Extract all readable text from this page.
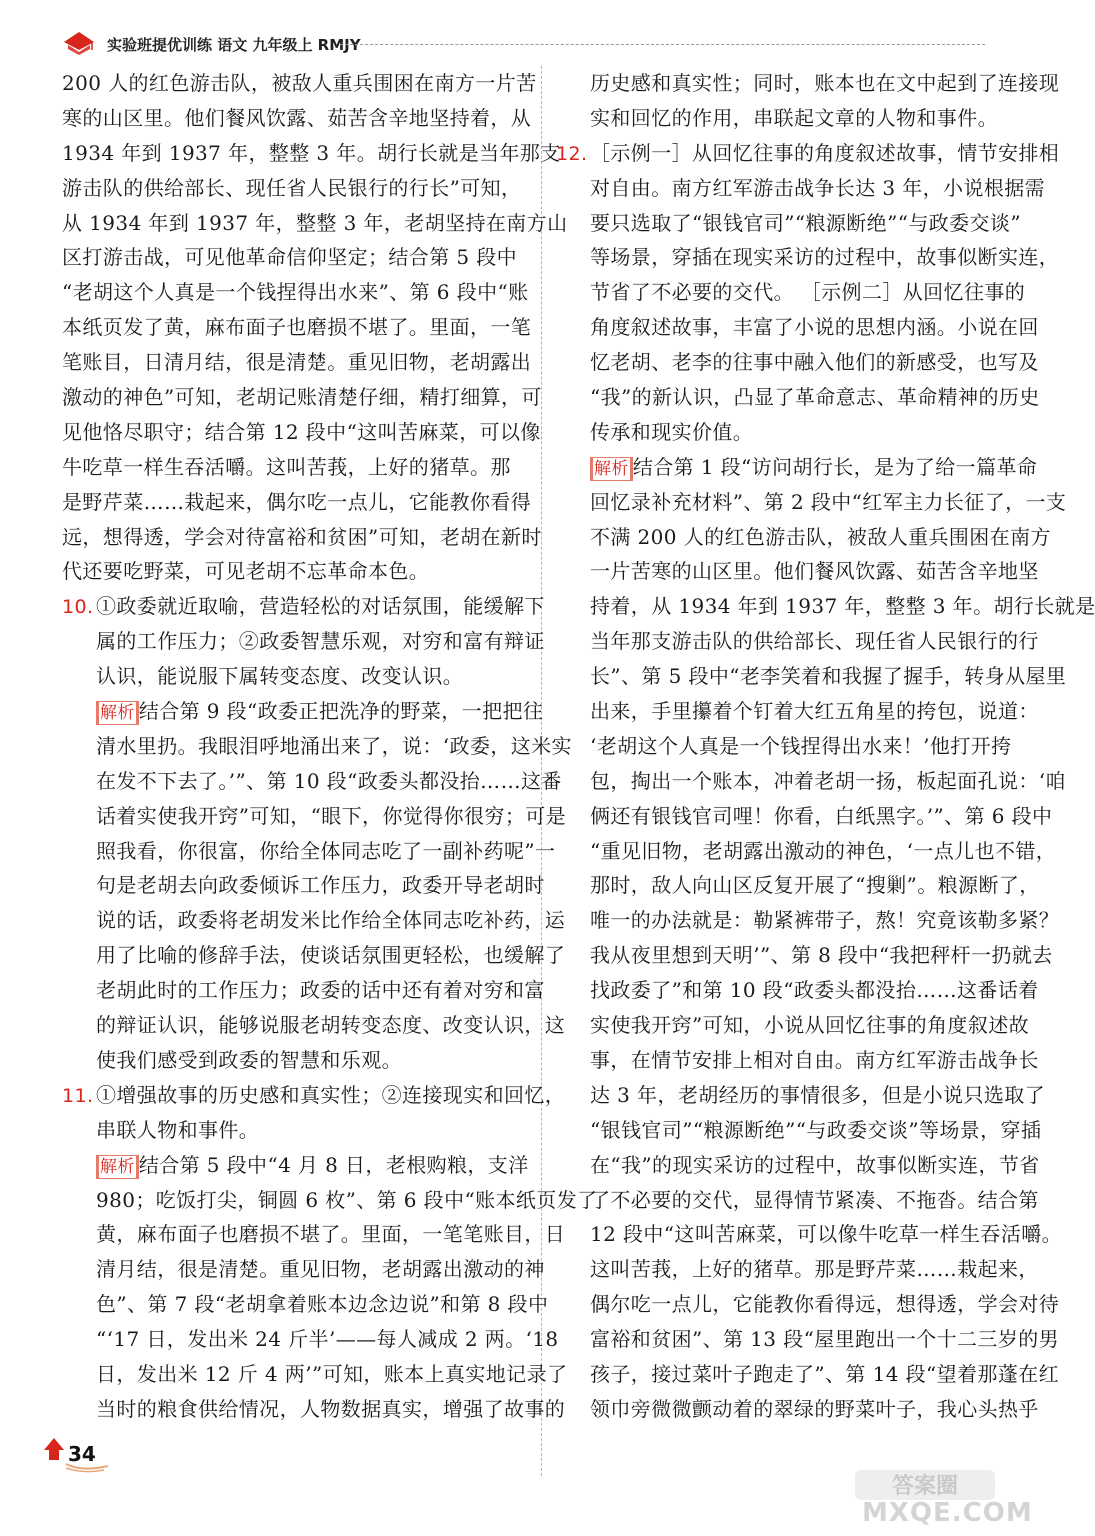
实验班提优训练 语文 九年级上 RMJY
200 人的红色游击队，被敌人重兵围困在南方一片苦
寒的山区里。他们餐风饮露、茹苦含辛地坚持着，从
1934 年到 1937 年，整整 3 年。胡行长就是当年那支
游击队的供给部长、现任省人民银行的行长”可知，
从 1934 年到 1937 年，整整 3 年，老胡坚持在南方山
区打游击战，可见他革命信仰坚定；结合第 5 段中
“老胡这个人真是一个钱捏得出水来”、第 6 段中“账
本纸页发了黄，麻布面子也磨损不堪了。里面，一笔
笔账目，日清月结，很是清楚。重见旧物，老胡露出
激动的神色”可知，老胡记账清楚仔细，精打细算，可
见他恪尽职守；结合第 12 段中“这叫苦麻菜，可以像
牛吃草一样生吞活嚼。这叫苦莪，上好的猪草。那
是野芹菜……栽起来，偶尔吃一点儿，它能教你看得
远，想得透，学会对待富裕和贫困”可知，老胡在新时
代还要吃野菜，可见老胡不忘革命本色。
10. ①政委就近取喻，营造轻松的对话氛围，能缓解下
属的工作压力；②政委智慧乐观，对穷和富有辩证
认识，能说服下属转变态度、改变认识。
解析 结合第 9 段“政委正把洗净的野菜，一把把往
清水里扔。我眼泪呼地涌出来了，说：‘政委，这米实
在发不下去了。’”、第 10 段“政委头都没抬……这番
话着实使我开窍”可知，“眼下，你觉得你很穷；可是
照我看，你很富，你给全体同志吃了一副补药呢”一
句是老胡去向政委倾诉工作压力，政委开导老胡时
说的话，政委将老胡发米比作给全体同志吃补药，运
用了比喻的修辞手法，使谈话氛围更轻松，也缓解了
老胡此时的工作压力；政委的话中还有着对穷和富
的辩证认识，能够说服老胡转变态度、改变认识，这
使我们感受到政委的智慧和乐观。
11. ①增强故事的历史感和真实性；②连接现实和回忆，
串联人物和事件。
解析 结合第 5 段中“4 月 8 日，老根购粮，支洋
980；吃饭打尖，铜圆 6 枚”、第 6 段中“账本纸页发了
黄，麻布面子也磨损不堪了。里面，一笔笔账目，日
清月结，很是清楚。重见旧物，老胡露出激动的神
色”、第 7 段“老胡拿着账本边念边说”和第 8 段中
“‘17 日，发出米 24 斤半’——每人减成 2 两。‘18
日，发出米 12 斤 4 两’”可知，账本上真实地记录了
当时的粮食供给情况，人物数据真实，增强了故事的
历史感和真实性；同时，账本也在文中起到了连接现
实和回忆的作用，串联起文章的人物和事件。
12. ［示例一］从回忆往事的角度叙述故事，情节安排相
对自由。南方红军游击战争长达 3 年，小说根据需
要只选取了“银钱官司”“粮源断绝”“与政委交谈”
等场景，穿插在现实采访的过程中，故事似断实连，
节省了不必要的交代。 ［示例二］从回忆往事的
角度叙述故事，丰富了小说的思想内涵。小说在回
忆老胡、老李的往事中融入他们的新感受，也写及
“我”的新认识，凸显了革命意志、革命精神的历史
传承和现实价值。
解析 结合第 1 段“访问胡行长，是为了给一篇革命
回忆录补充材料”、第 2 段中“红军主力长征了，一支
不满 200 人的红色游击队，被敌人重兵围困在南方
一片苦寒的山区里。他们餐风饮露、茹苦含辛地坚
持着，从 1934 年到 1937 年，整整 3 年。胡行长就是
当年那支游击队的供给部长、现任省人民银行的行
长”、第 5 段中“老李笑着和我握了握手，转身从屋里
出来，手里攥着个钉着大红五角星的挎包，说道：
‘老胡这个人真是一个钱捏得出水来！’他打开挎
包，掏出一个账本，冲着老胡一扬，板起面孔说：‘咱
俩还有银钱官司哩！你看，白纸黑字。’”、第 6 段中
“重见旧物，老胡露出激动的神色，‘一点儿也不错，
那时，敌人向山区反复开展了“搜剿”。粮源断了，
唯一的办法就是：勒紧裤带子，熬！究竟该勒多紧？
我从夜里想到天明’”、第 8 段中“我把秤杆一扔就去
找政委了”和第 10 段“政委头都没抬……这番话着
实使我开窍”可知，小说从回忆往事的角度叙述故
事，在情节安排上相对自由。南方红军游击战争长
达 3 年，老胡经历的事情很多，但是小说只选取了
“银钱官司”“粮源断绝”“与政委交谈”等场景，穿插
在“我”的现实采访的过程中，故事似断实连，节省
了不必要的交代，显得情节紧凑、不拖沓。结合第
12 段中“这叫苦麻菜，可以像牛吃草一样生吞活嚼。
这叫苦莪，上好的猪草。那是野芹菜……栽起来，
偶尔吃一点儿，它能教你看得远，想得透，学会对待
富裕和贫困”、第 13 段“屋里跑出一个十二三岁的男
孩子，接过菜叶子跑走了”、第 14 段“望着那蓬在红
领巾旁微微颤动着的翠绿的野菜叶子，我心头热乎
34
答案圈
MXQE.COM
